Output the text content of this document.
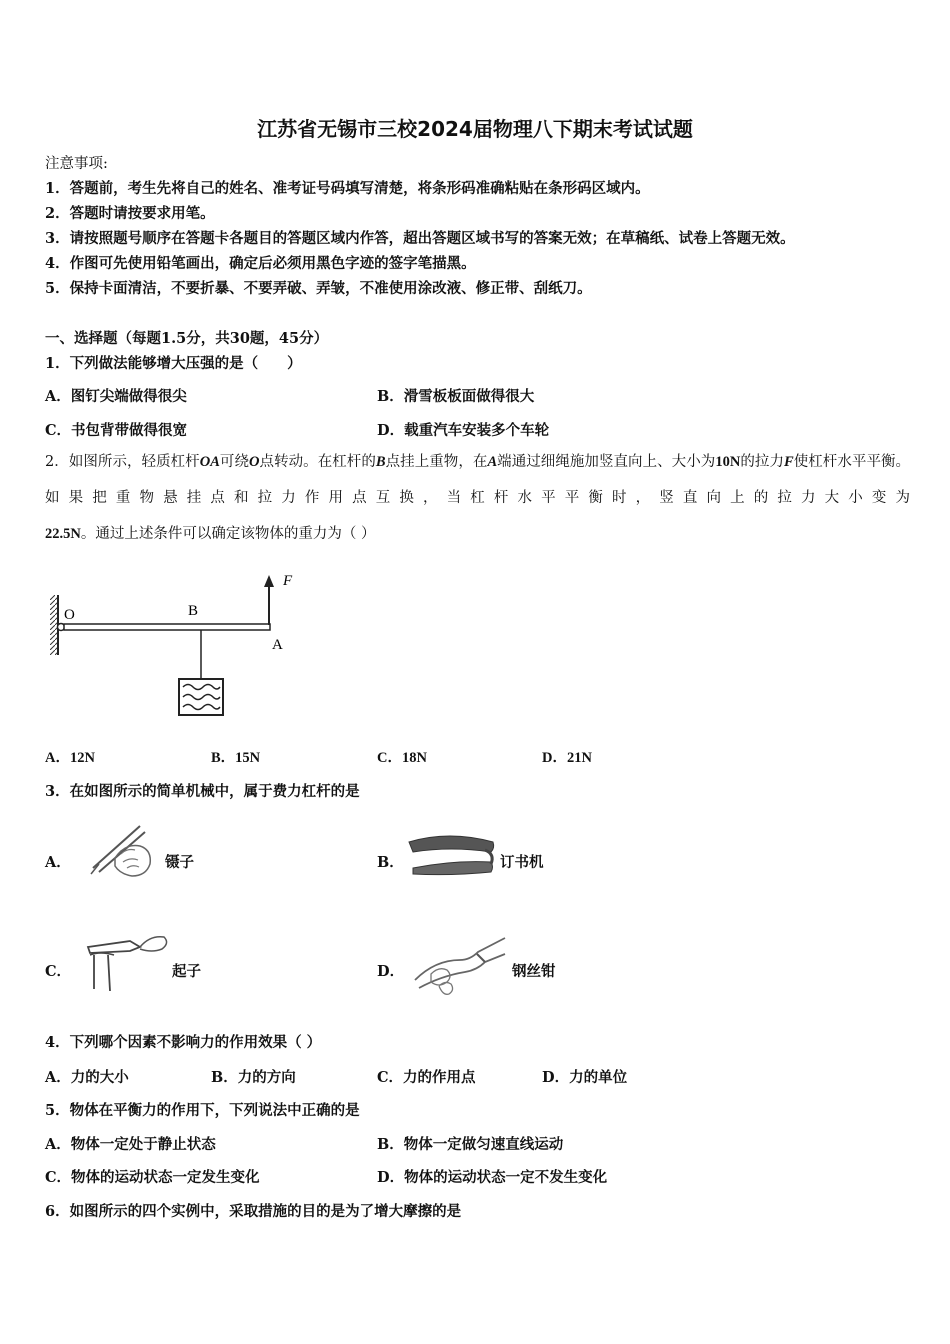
江苏省无锡市三校2024届物理八下期末考试试题
注意事项:
1．答题前，考生先将自己的姓名、准考证号码填写清楚，将条形码准确粘贴在条形码区域内。
2．答题时请按要求用笔。
3．请按照题号顺序在答题卡各题目的答题区域内作答，超出答题区域书写的答案无效；在草稿纸、试卷上答题无效。
4．作图可先使用铅笔画出，确定后必须用黑色字迹的签字笔描黑。
5．保持卡面清洁，不要折暴、不要弄破、弄皱，不准使用涂改液、修正带、刮纸刀。
一、选择题（每题1.5分，共30题，45分）
1．下列做法能够增大压强的是（　　）
A．图钉尖端做得很尖	B．滑雪板板面做得很大
C．书包背带做得很宽	D．载重汽车安装多个车轮
2．如图所示，轻质杠杆OA可绕O点转动。在杠杆的B点挂上重物，在A端通过细绳施加竖直向上、大小为10N的拉力F使杠杆水平平衡。如果把重物悬挂点和拉力作用点互换，当杠杆水平平衡时，竖直向上的拉力大小变为22.5N。通过上述条件可以确定该物体的重力为（ ）
O	B
A
F
A．12N	B．15N	C．18N	D．21N
3．在如图所示的简单机械中，属于费力杠杆的是
A．	镊子	B．	订书机
C．	起子	D．	钢丝钳
4．下列哪个因素不影响力的作用效果（ ）
A．力的大小	B．力的方向	C．力的作用点	D．力的单位
5．物体在平衡力的作用下，下列说法中正确的是
A．物体一定处于静止状态	B．物体一定做匀速直线运动
C．物体的运动状态一定发生变化	D．物体的运动状态一定不发生变化
6．如图所示的四个实例中，采取措施的目的是为了增大摩擦的是
